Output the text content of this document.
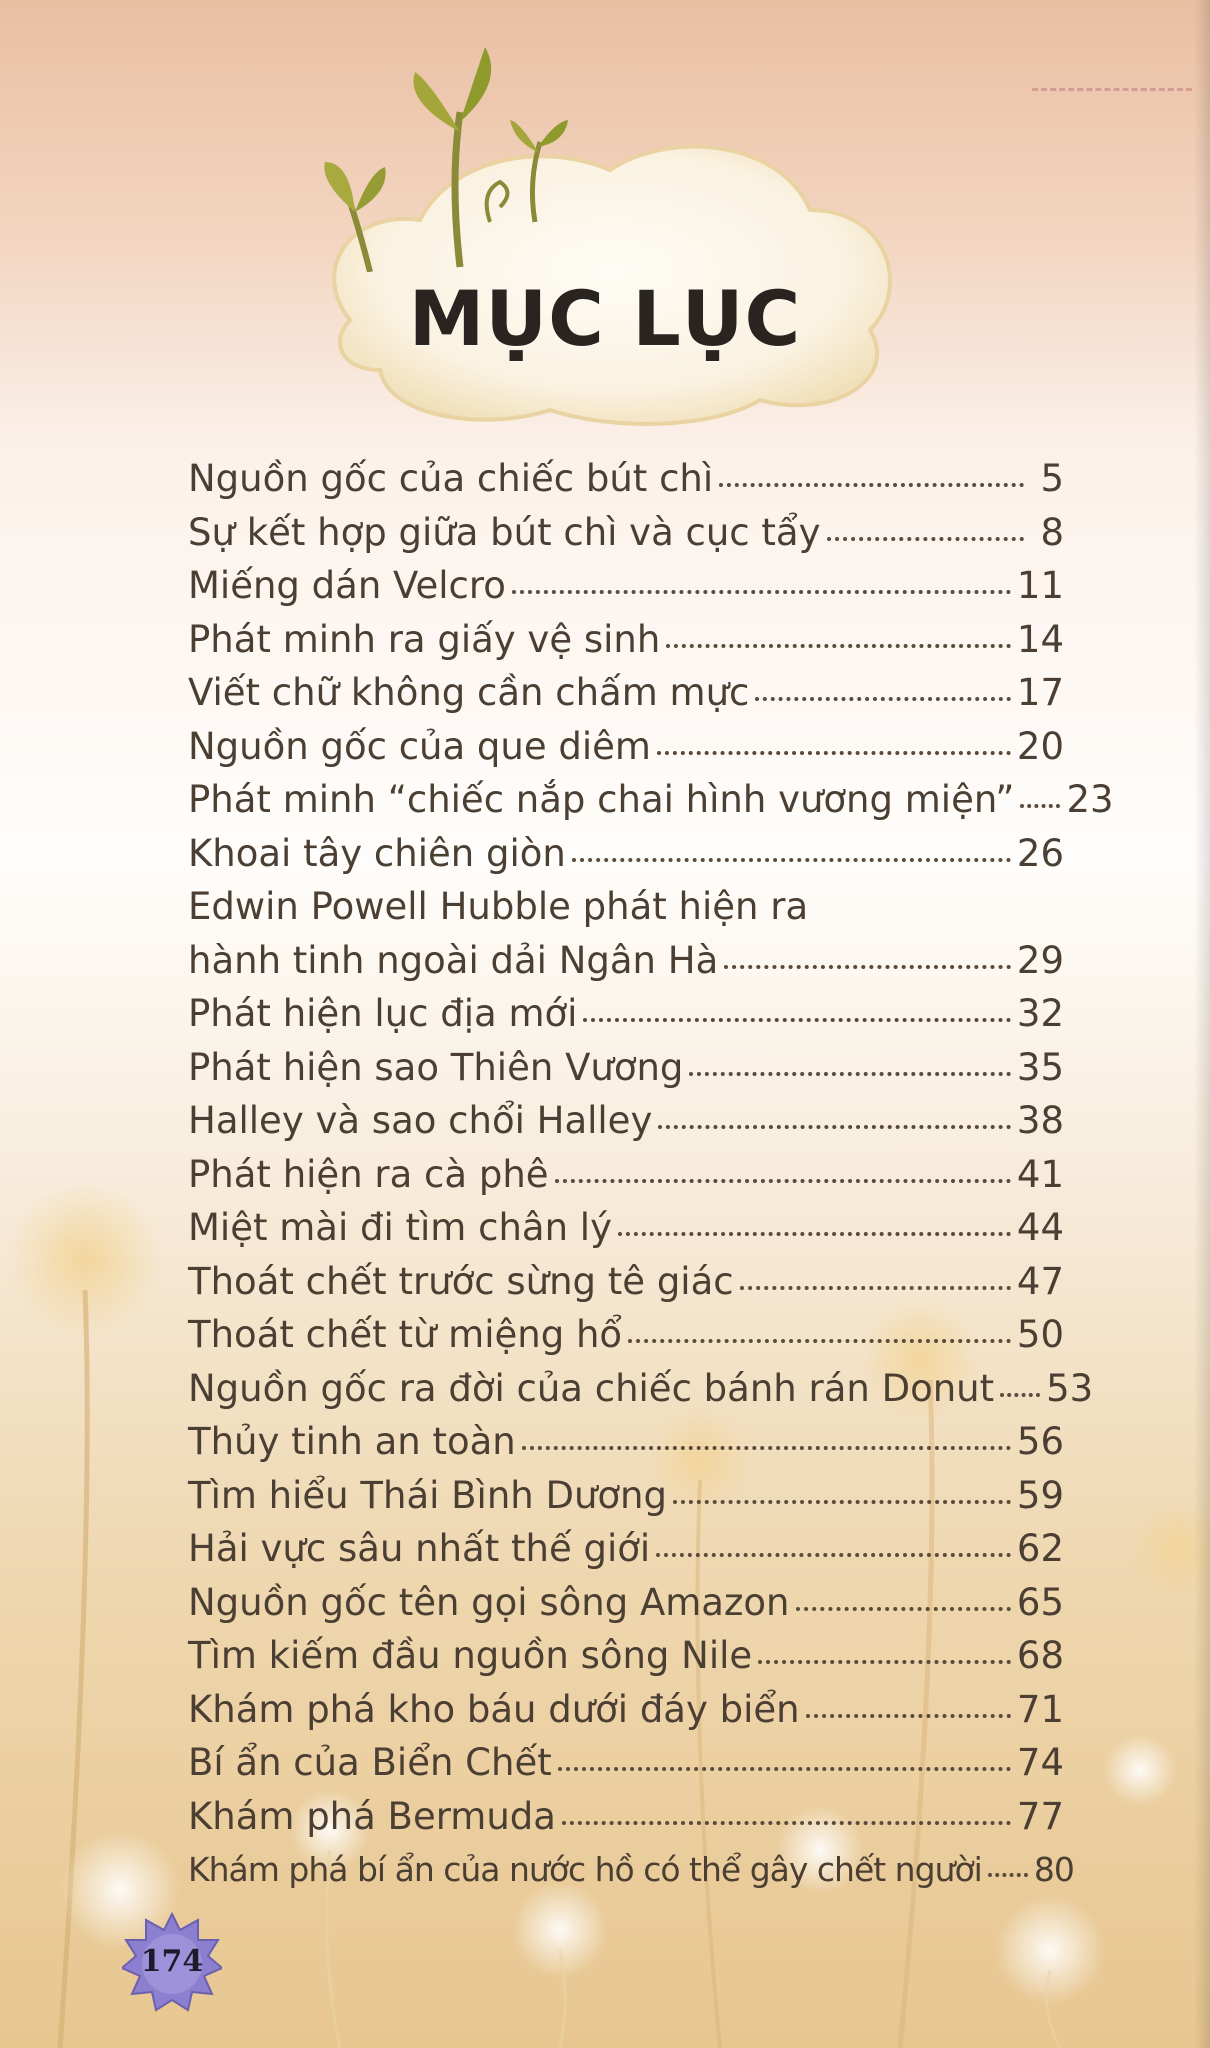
MỤC LỤC
Nguồn gốc của chiếc bút chì	5
Sự kết hợp giữa bút chì và cục tẩy	8
Miếng dán Velcro	11
Phát minh ra giấy vệ sinh	14
Viết chữ không cần chấm mực	17
Nguồn gốc của que diêm	20
Phát minh “chiếc nắp chai hình vương miện” 23
Khoai tây chiên giòn	26
Edwin Powell Hubble phát hiện ra
hành tinh ngoài dải Ngân Hà	29
Phát hiện lục địa mới	32
Phát hiện sao Thiên Vương	35
Halley và sao chổi Halley	38
Phát hiện ra cà phê	41
Miệt mài đi tìm chân lý	44
Thoát chết trước sừng tê giác	47
Thoát chết từ miệng hổ	50
Nguồn gốc ra đời của chiếc bánh rán Donut 53
Thủy tinh an toàn	56
Tìm hiểu Thái Bình Dương	59
Hải vực sâu nhất thế giới	62
Nguồn gốc tên gọi sông Amazon	65
Tìm kiếm đầu nguồn sông Nile	68
Khám phá kho báu dưới đáy biển	71
Bí ẩn của Biển Chết	74
Khám phá Bermuda	77
Khám phá bí ẩn của nước hồ có thể gây chết người 80
174
